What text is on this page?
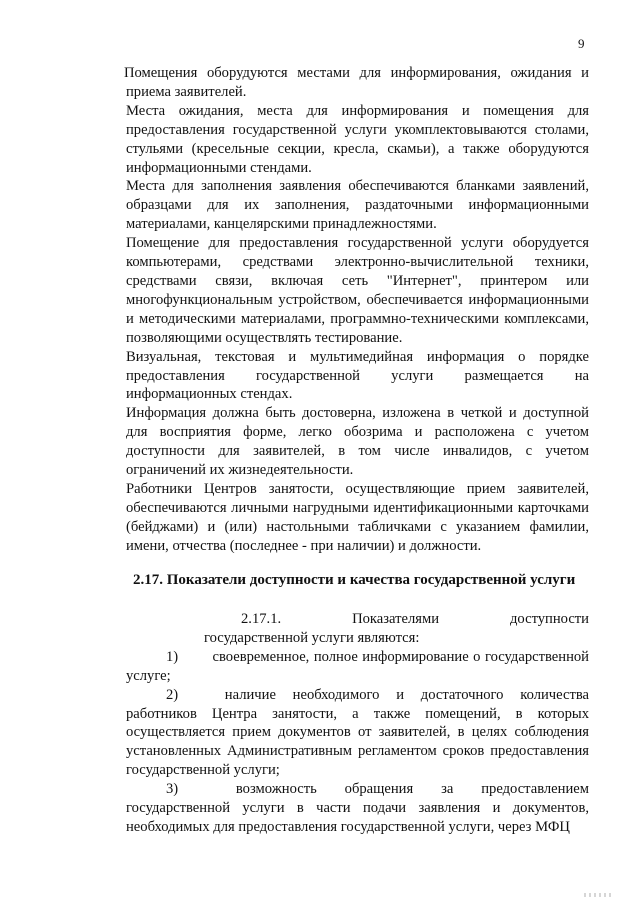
9

Помещения оборудуются местами для информирования, ожидания и приема заявителей.

Места ожидания, места для информирования и помещения для предоставления государственной услуги укомплектовываются столами, стульями (кресельные секции, кресла, скамьи), а также оборудуются информационными стендами.

Места для заполнения заявления обеспечиваются бланками заявлений, образцами для их заполнения, раздаточными информационными материалами, канцелярскими принадлежностями.

Помещение для предоставления государственной услуги оборудуется компьютерами, средствами электронно-вычислительной техники, средствами связи, включая сеть "Интернет", принтером или многофункциональным устройством, обеспечивается информационными и методическими материалами, программно-техническими комплексами, позволяющими осуществлять тестирование.

Визуальная, текстовая и мультимедийная информация о порядке предоставления государственной услуги размещается на информационных стендах.

Информация должна быть достоверна, изложена в четкой и доступной для восприятия форме, легко обозрима и расположена с учетом доступности для заявителей, в том числе инвалидов, с учетом ограничений их жизнедеятельности.

Работники Центров занятости, осуществляющие прием заявителей, обеспечиваются личными нагрудными идентификационными карточками (бейджами) и (или) настольными табличками с указанием фамилии, имени, отчества (последнее - при наличии) и должности.

2.17. Показатели доступности и качества государственной услуги
2.17.1.	Показателями	доступности

государственной услуги являются:

1) своевременное, полное информирование о государственной услуге;

2)	наличие необходимого и достаточного количества работников Центра занятости, а также помещений, в которых осуществляется прием документов от заявителей, в целях соблюдения установленных Административным регламентом сроков предоставления государственной услуги;

3)	возможность обращения за предоставлением государственной услуги в части подачи заявления и документов, необходимых для предоставления государственной услуги, через МФЦ
